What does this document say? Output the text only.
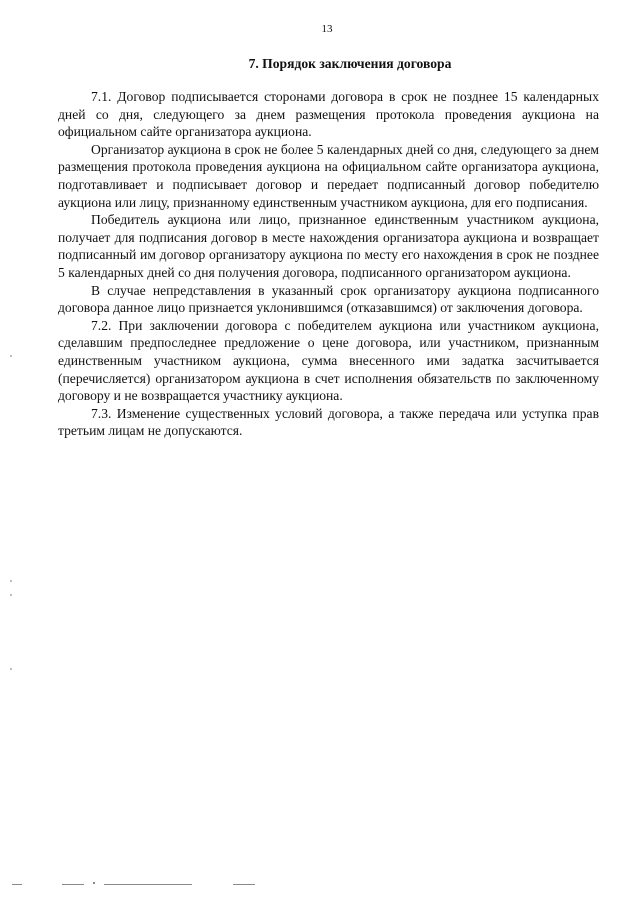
13
7. Порядок заключения договора

7.1. Договор подписывается сторонами договора в срок не позднее 15 календарных дней со дня, следующего за днем размещения протокола проведения аукциона на официальном сайте организатора аукциона.

Организатор аукциона в срок не более 5 календарных дней со дня, следующего за днем размещения протокола проведения аукциона на официальном сайте организатора аукциона, подготавливает и подписывает договор и передает подписанный договор победителю аукциона или лицу, признанному единственным участником аукциона, для его подписания.

Победитель аукциона или лицо, признанное единственным участником аукциона, получает для подписания договор в месте нахождения организатора аукциона и возвращает подписанный им договор организатору аукциона по месту его нахождения в срок не позднее 5 календарных дней со дня получения договора, подписанного организатором аукциона.

В случае непредставления в указанный срок организатору аукциона подписанного договора данное лицо признается уклонившимся (отказавшимся) от заключения договора.

7.2. При заключении договора с победителем аукциона или участником аукциона, сделавшим предпоследнее предложение о цене договора, или участником, признанным единственным участником аукциона, сумма внесенного ими задатка засчитывается (перечисляется) организатором аукциона в счет исполнения обязательств по заключенному договору и не возвращается участнику аукциона.

7.3. Изменение существенных условий договора, а также передача или уступка прав третьим лицам не допускаются.
